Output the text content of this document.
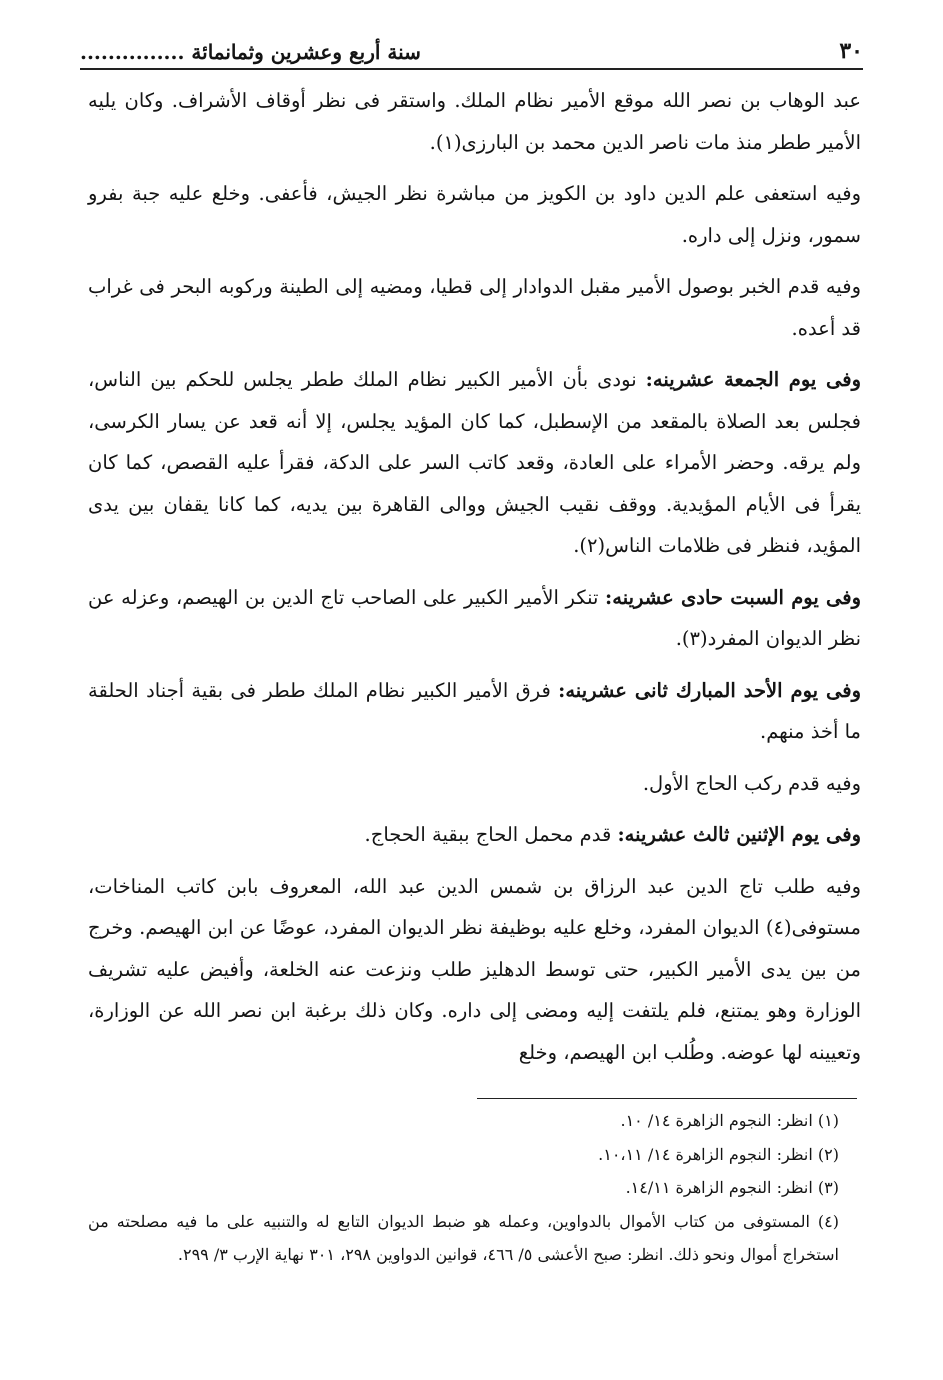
٣٠
سنة أربع وعشرين وثمانمائة ...............

عبد الوهاب بن نصر الله موقع الأمير نظام الملك. واستقر فى نظر أوقاف الأشراف. وكان يليه الأمير ططر منذ مات ناصر الدين محمد بن البارزى(١).

وفيه استعفى علم الدين داود بن الكويز من مباشرة نظر الجيش، فأعفى. وخلع عليه جبة بفرو سمور، ونزل إلى داره.

وفيه قدم الخبر بوصول الأمير مقبل الدوادار إلى قطيا، ومضيه إلى الطينة وركوبه البحر فى غراب قد أعده.

وفى يوم الجمعة عشرينه: نودى بأن الأمير الكبير نظام الملك ططر يجلس للحكم بين الناس، فجلس بعد الصلاة بالمقعد من الإسطبل، كما كان المؤيد يجلس، إلا أنه قعد عن يسار الكرسى، ولم يرقه. وحضر الأمراء على العادة، وقعد كاتب السر على الدكة، فقرأ عليه القصص، كما كان يقرأ فى الأيام المؤيدية. ووقف نقيب الجيش ووالى القاهرة بين يديه، كما كانا يقفان بين يدى المؤيد، فنظر فى ظلامات الناس(٢).

وفى يوم السبت حادى عشرينه: تنكر الأمير الكبير على الصاحب تاج الدين بن الهيصم، وعزله عن نظر الديوان المفرد(٣).

وفى يوم الأحد المبارك ثانى عشرينه: فرق الأمير الكبير نظام الملك ططر فى بقية أجناد الحلقة ما أخذ منهم.

وفيه قدم ركب الحاج الأول.

وفى يوم الإثنين ثالث عشرينه: قدم محمل الحاج ببقية الحجاج.

وفيه طلب تاج الدين عبد الرزاق بن شمس الدين عبد الله، المعروف بابن كاتب المناخات، مستوفى(٤) الديوان المفرد، وخلع عليه بوظيفة نظر الديوان المفرد، عوضًا عن ابن الهيصم. وخرج من بين يدى الأمير الكبير، حتى توسط الدهليز طلب ونزعت عنه الخلعة، وأفيض عليه تشريف الوزارة وهو يمتنع، فلم يلتفت إليه ومضى إلى داره. وكان ذلك برغبة ابن نصر الله عن الوزارة، وتعيينه لها عوضه. وطُلب ابن الهيصم، وخلع

(١) انظر: النجوم الزاهرة ١٤/ ١٠.

(٢) انظر: النجوم الزاهرة ١٤/ ١٠،١١.

(٣) انظر: النجوم الزاهرة ١٤/١١.

(٤) المستوفى من كتاب الأموال بالدواوين، وعمله هو ضبط الديوان التابع له والتنبيه على ما فيه مصلحته من استخراج أموال ونحو ذلك. انظر: صبح الأعشى ٥/ ٤٦٦، قوانين الدواوين ٢٩٨، ٣٠١ نهاية الإرب ٣/ ٢٩٩.
